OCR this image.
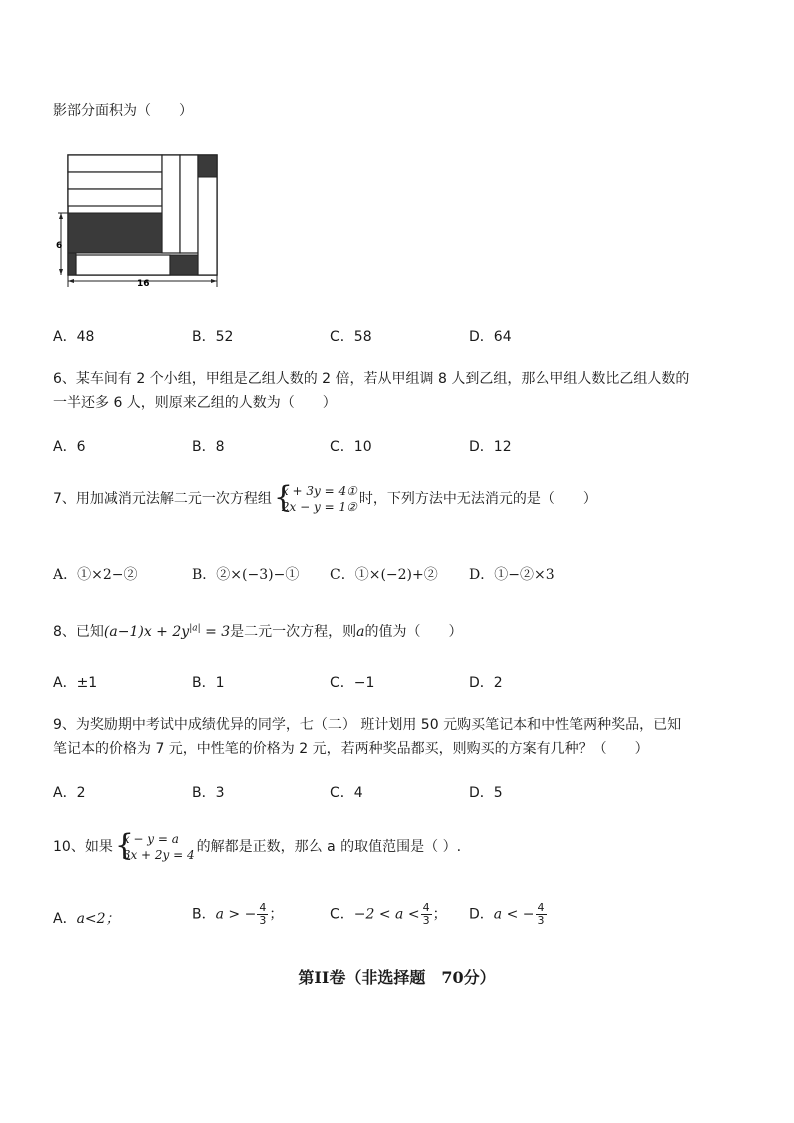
影部分面积为（　　）
6
16
A．48	B．52	C．58	D．64
6、某车间有 2 个小组，甲组是乙组人数的 2 倍，若从甲组调 8 人到乙组，那么甲组人数比乙组人数的
一半还多 6 人，则原来乙组的人数为（　　）
A．6	B．8	C．10	D．12
7、用加减消元法解二元一次方程组 {
x + 3y = 4①
2x − y = 1② 时，下列方法中无法消元的是（　　）
A．①×2−②	B．②×(−3)−① C．①×(−2)+② D．①−②×3
8、已知$(a-1)x + 2y^{|a|} = 3$是二元一次方程，则a的值为（　　）
A．±1	B．1	C．−1	D．2
9、为奖励期中考试中成绩优异的同学，七（二） 班计划用 50 元购买笔记本和中性笔两种奖品，已知
笔记本的价格为 7 元，中性笔的价格为 2 元，若两种奖品都买，则购买的方案有几种？（　　）
A．2	B．3	C．4	D．5
10、如果 {
x − y = a
3x + 2y = 4 的解都是正数，那么 a 的取值范围是（ ）.
A．a<2；	B．a > − $\frac{4}{3}$ ；	C．$-2 < a < \frac{4}{3}$ ； D．a < − $\frac{4}{3}$
第II卷（非选择题　70分）
